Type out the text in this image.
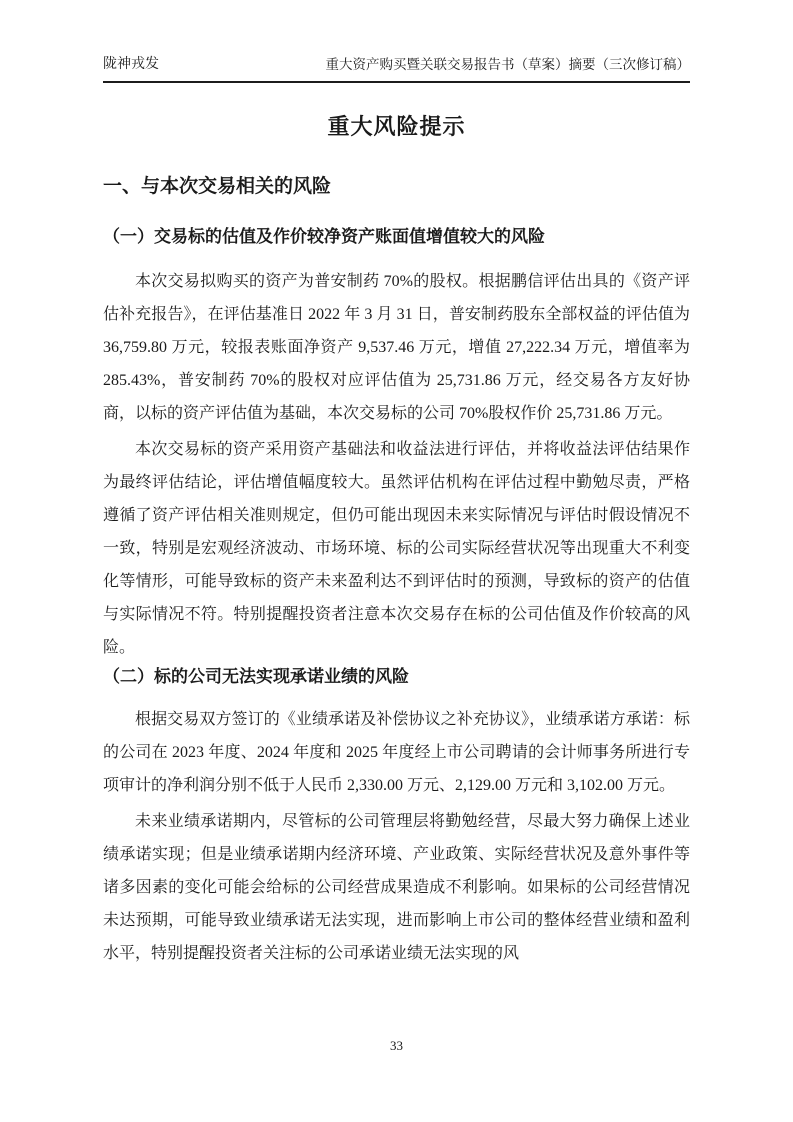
陇神戎发	重大资产购买暨关联交易报告书（草案）摘要（三次修订稿）
重大风险提示
一、与本次交易相关的风险
（一）交易标的估值及作价较净资产账面值增值较大的风险

本次交易拟购买的资产为普安制药 70%的股权。根据鹏信评估出具的《资产评估补充报告》，在评估基准日 2022 年 3 月 31 日，普安制药股东全部权益的评估值为 36,759.80 万元，较报表账面净资产 9,537.46 万元，增值 27,222.34 万元，增值率为 285.43%，普安制药 70%的股权对应评估值为 25,731.86 万元，经交易各方友好协商，以标的资产评估值为基础，本次交易标的公司 70%股权作价 25,731.86 万元。

本次交易标的资产采用资产基础法和收益法进行评估，并将收益法评估结果作为最终评估结论，评估增值幅度较大。虽然评估机构在评估过程中勤勉尽责，严格遵循了资产评估相关准则规定，但仍可能出现因未来实际情况与评估时假设情况不一致，特别是宏观经济波动、市场环境、标的公司实际经营状况等出现重大不利变化等情形，可能导致标的资产未来盈利达不到评估时的预测，导致标的资产的估值与实际情况不符。特别提醒投资者注意本次交易存在标的公司估值及作价较高的风险。

（二）标的公司无法实现承诺业绩的风险

根据交易双方签订的《业绩承诺及补偿协议之补充协议》，业绩承诺方承诺：标的公司在 2023 年度、2024 年度和 2025 年度经上市公司聘请的会计师事务所进行专项审计的净利润分别不低于人民币 2,330.00 万元、2,129.00 万元和 3,102.00 万元。

未来业绩承诺期内，尽管标的公司管理层将勤勉经营，尽最大努力确保上述业绩承诺实现；但是业绩承诺期内经济环境、产业政策、实际经营状况及意外事件等诸多因素的变化可能会给标的公司经营成果造成不利影响。如果标的公司经营情况未达预期，可能导致业绩承诺无法实现，进而影响上市公司的整体经营业绩和盈利水平，特别提醒投资者关注标的公司承诺业绩无法实现的风

33
